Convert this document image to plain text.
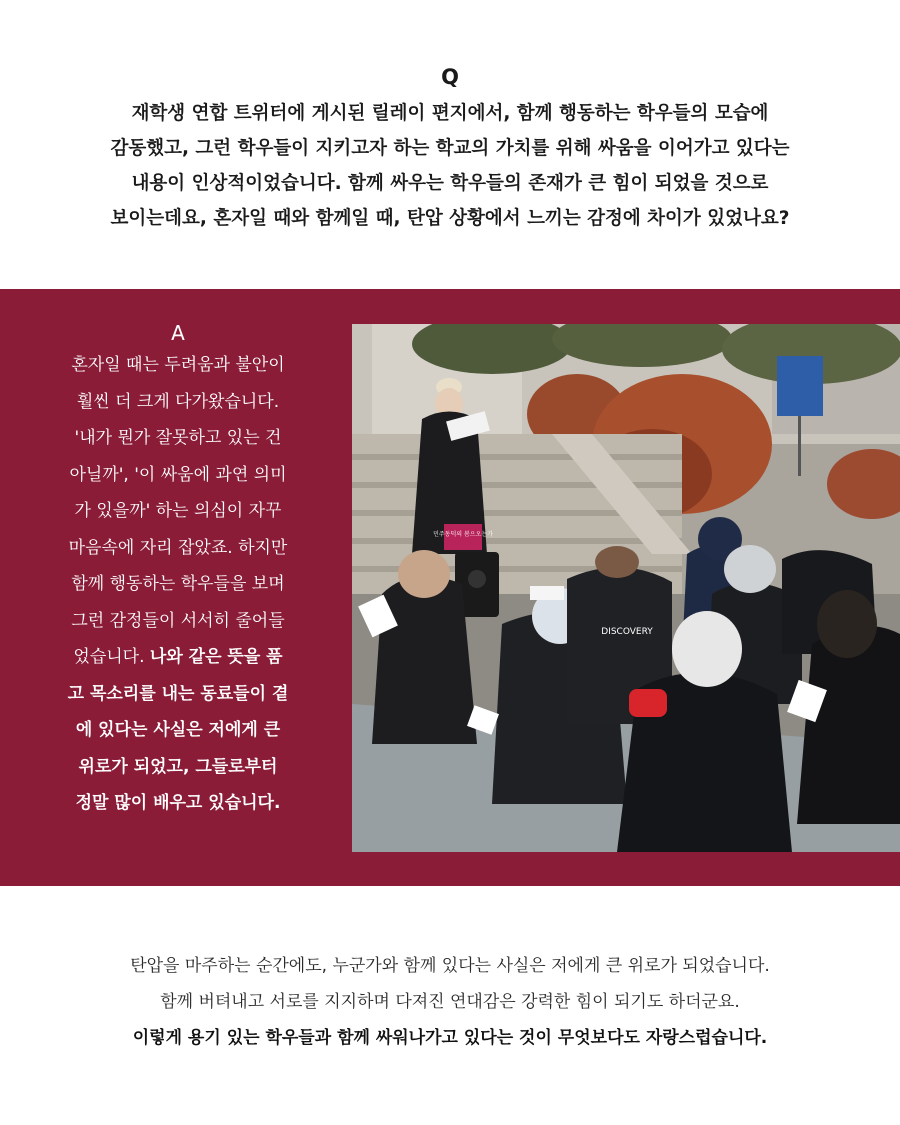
Q
재학생 연합 트위터에 게시된 릴레이 편지에서, 함께 행동하는 학우들의 모습에
감동했고, 그런 학우들이 지키고자 하는 학교의 가치를 위해 싸움을 이어가고 있다는
내용이 인상적이었습니다. 함께 싸우는 학우들의 존재가 큰 힘이 되었을 것으로
보이는데요, 혼자일 때와 함께일 때, 탄압 상황에서 느끼는 감정에 차이가 있었나요?
A
혼자일 때는 두려움과 불안이
훨씬 더 크게 다가왔습니다.
'내가 뭔가 잘못하고 있는 건
아닐까', '이 싸움에 과연 의미
가 있을까' 하는 의심이 자꾸
마음속에 자리 잡았죠. 하지만
함께 행동하는 학우들을 보며
그런 감정들이 서서히 줄어들
었습니다. 나와 같은 뜻을 품
고 목소리를 내는 동료들이 곁
에 있다는 사실은 저에게 큰
위로가 되었고, 그들로부터
정말 많이 배우고 있습니다.
민주동덕의 봄으오는가
DISCOVERY
탄압을 마주하는 순간에도, 누군가와 함께 있다는 사실은 저에게 큰 위로가 되었습니다.
함께 버텨내고 서로를 지지하며 다져진 연대감은 강력한 힘이 되기도 하더군요.
이렇게 용기 있는 학우들과 함께 싸워나가고 있다는 것이 무엇보다도 자랑스럽습니다.
